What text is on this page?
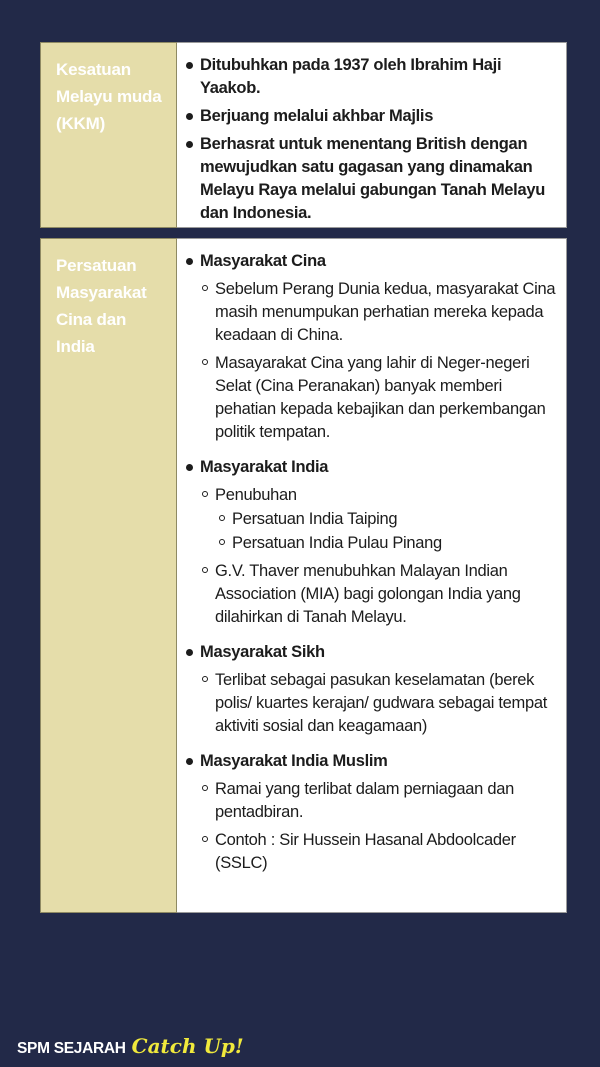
Kesatuan Melayu muda (KKM)
Ditubuhkan pada 1937 oleh Ibrahim Haji Yaakob.
Berjuang melalui akhbar Majlis
Berhasrat untuk menentang British dengan mewujudkan satu gagasan yang dinamakan Melayu Raya melalui gabungan Tanah Melayu dan Indonesia.
Persatuan Masyarakat Cina dan India
Masyarakat Cina
Sebelum Perang Dunia kedua, masyarakat Cina masih menumpukan perhatian mereka kepada keadaan di China.
Masayarakat Cina yang lahir di Neger-negeri Selat (Cina Peranakan) banyak memberi pehatian kepada kebajikan dan perkembangan politik tempatan.
Masyarakat India
Penubuhan
Persatuan India Taiping
Persatuan India Pulau Pinang
G.V. Thaver menubuhkan Malayan Indian Association (MIA) bagi golongan India yang dilahirkan di Tanah Melayu.
Masyarakat Sikh
Terlibat sebagai pasukan keselamatan (berek polis/ kuartes kerajan/ gudwara sebagai tempat aktiviti sosial dan keagamaan)
Masyarakat India Muslim
Ramai yang terlibat dalam perniagaan dan pentadbiran.
Contoh : Sir Hussein Hasanal Abdoolcader (SSLC)
SPM SEJARAH Catch Up!
